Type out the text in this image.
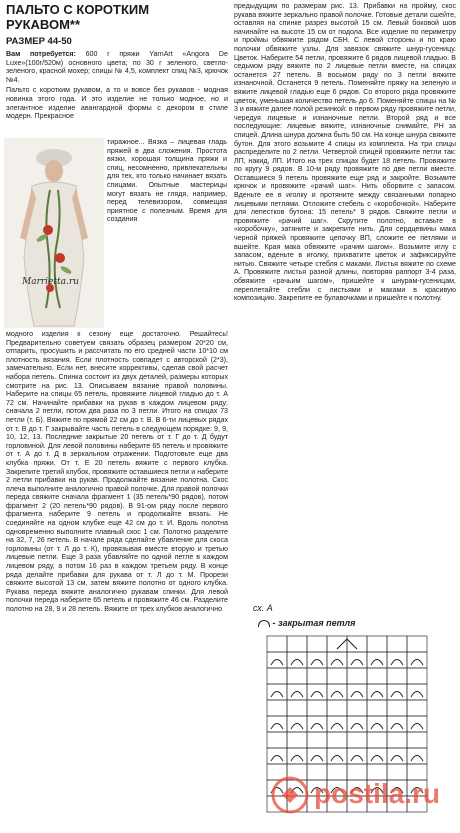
ПАЛЬТО С КОРОТКИМ
РУКАВОМ**
РАЗМЕР 44-50

Вам потребуется: 600 г пряжи YarnArt «Angora De Luxe»(100г/520м) основного цвета; по 30 г зеленого, светло-зеленого, красной мохер; спицы № 4,5, комплект спиц №3, крючок №4.

Пальто с коротким рукавом, а то и вовсе без рукавов - модная новинка этого года. И это изделие не только модное, но и элегантное изделие авангардной формы с декором в стиле модерн. Прекрасное

Marrietta.ru

тиражное... Вязка – лицевая гладь пряжей в два сложения. Простота вязки, хорошая толщина пряжи и спиц, несомненно, привлекательны для тех, кто только начинает вязать спицами. Опытные мастерицы могут вязать не глядя, например, перед телевизором, совмещая приятное с полезным. Время для создания

модного изделия к сезону еще достаточно. Решайтесь! Предварительно советуем связать образец размером 20*20 см, отпарить, просушить и рассчитать по его средней части 10*10 см плотность вязания. Если плотность совпадет с авторской (2*3), замечательно. Если нет, внесите коррективы, сделав свой расчет набора петель. Спинка состоит из двух деталей, размеры которых смотрите на рис. 13. Описываем вязание правой половины. Наберите на спицы 65 петель, провяжите лицевой гладью до т. А 72 см. Начинайте прибавки на рукав в каждом лицевом ряду: сначала 2 петли, потом два раза по 3 петли. Итого на спицах 73 петли (т. Б). Вяжите по прямой 22 см до т. В. В 6-ти лицевых рядах от т. В до т. Г закрывайте часть петель в следующем порядке: 9, 9, 10, 12, 13. Последние закрытые 20 петель от т. Г до т. Д будут горловиной. Для левой половины наберите 65 петель и провяжите от т. А до т. Д в зеркальном отражении. Подготовьте еще два клубка пряжи. От т. Е 20 петель вяжите с первого клубка. Закрепите третий клубок, провяжите оставшиеся петли и наберите 2 петли прибавки на рукав. Продолжайте вязание полотна. Скос плеча выполните аналогично правой полочке. Для правой полочки переда свяжите сначала фрагмент 1 (35 петель*90 рядов), потом фрагмент 2 (20 петель*90 рядов). В 91-ом ряду после первого фрагмента наберите 9 петель и продолжайте вязать. Не соединяйте на одном клубке еще 42 см до т. И. Вдоль полотна одновременно выполните плавный скос 1 см. Полотно разделите на 32, 7, 26 петель. В начале ряда сделайте убавление для скоса горловины (от т. Л до т. К), провязывая вместе вторую и третью лицевые петли. Еще 3 раза убавляйте по одной петле в каждом лицевом ряду, а потом 16 раз в каждом третьем ряду. В конце ряда делайте прибавки для рукава от т. Л до т. М. Прорези свяжите высотой 13 см, затем вяжите полотно от одного клубка. Рукава переда вяжите аналогично рукавам спинки. Для левой полочки переда наберите 65 петель и провяжите 46 см. Разделите полотно на 28, 9 и 28 петель. Вяжите от трех клубков аналогично

предыдущим по размерам рис. 13. Прибавки на пройму, скос рукава вяжите зеркально правой полочке. Готовые детали сшейте, оставляя на спинке разрез высотой 15 см. Левый боковой шов начинайте на высоте 15 см от подола. Все изделие по периметру и проймы обвяжите рядом СБН. С левой стороны и по краю полочки обвяжите узлы. Для завязок свяжите шнур-гусеницу. Цветок. Наберите 54 петли, провяжите 6 рядов лицевой гладью. В седьмом ряду вяжите по 2 лицевые петли вместе, на спицах останется 27 петель. В восьмом ряду по 3 петли вяжите изнаночной. Останется 9 петель. Поменяйте пряжу на зеленую и вяжите лицевой гладью еще 6 рядов. Со второго ряда провяжите цветок, уменьшая количество петель до 6. Поменяйте спицы на № 3 и вяжите далее полой резинкой: в первом ряду провяжите петли, чередуя лицевые и изнаночные петли. Второй ряд и все последующие: лицевые вяжите, изнаночные снимайте, РН за спицей. Длина шнура должна быть 50 см. На конце шнура свяжите бутон. Для этого возьмите 4 спицы из комплекта. На три спицы распределите по 2 петли. Четвертой спицей провяжите петли так: ЛП, накид, ЛП. Итого на трех спицах будет 18 петель. Провяжите по кругу 9 рядов. В 10-м ряду провяжите по две петли вместе. Оставшиеся 9 петель провяжите еще ряд и закройте. Возьмите крючок и провяжите «рачий шаг». Нить оборвите с запасом. Вденьте ее в иголку и протяните между связанными попарно лицевыми петлями. Отложите стебель с «коробочкой». Наберите для лепестков бутона: 15 петель* 9 рядов. Свяжите петли и провяжите «рачий шаг». Скрутите полотно, вставьте в «коробочку», затяните и закрепите нить. Для сердцевины мака черной пряжей провяжите цепочку ВП, сложите ее петлями и вшейте. Края мака обвяжите «рачим шагом». Возьмите иглу с запасом, вденьте в иголку, прихватите цветок и зафиксируйте нитью. Свяжите четыре стебля с маками. Листья вяжите по схеме А. Провяжите листья разной длины, повторяя раппорт 3-4 раза, обвяжите «рачьим шагом», пришейте к шнурам-гусеницам, переплетайте стебли с листьями и маками в красивую композицию. Закрепите ее булавочками и пришейте к полотну.

сх. А
- закрытая петля
postila.ru
